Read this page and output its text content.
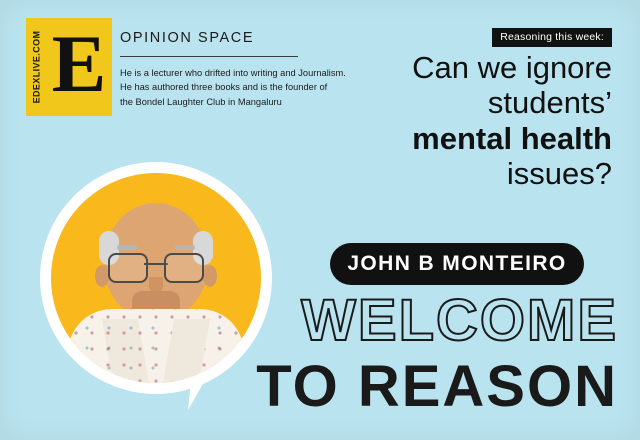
EDEXLIVE.COM E OPINION SPACE
He is a lecturer who drifted into writing and Journalism.
He has authored three books and is the founder of
the Bondel Laughter Club in Mangaluru
Reasoning this week:
Can we ignore
students’
mental health
issues?
JOHN B MONTEIRO
WELCOME
TO REASON
